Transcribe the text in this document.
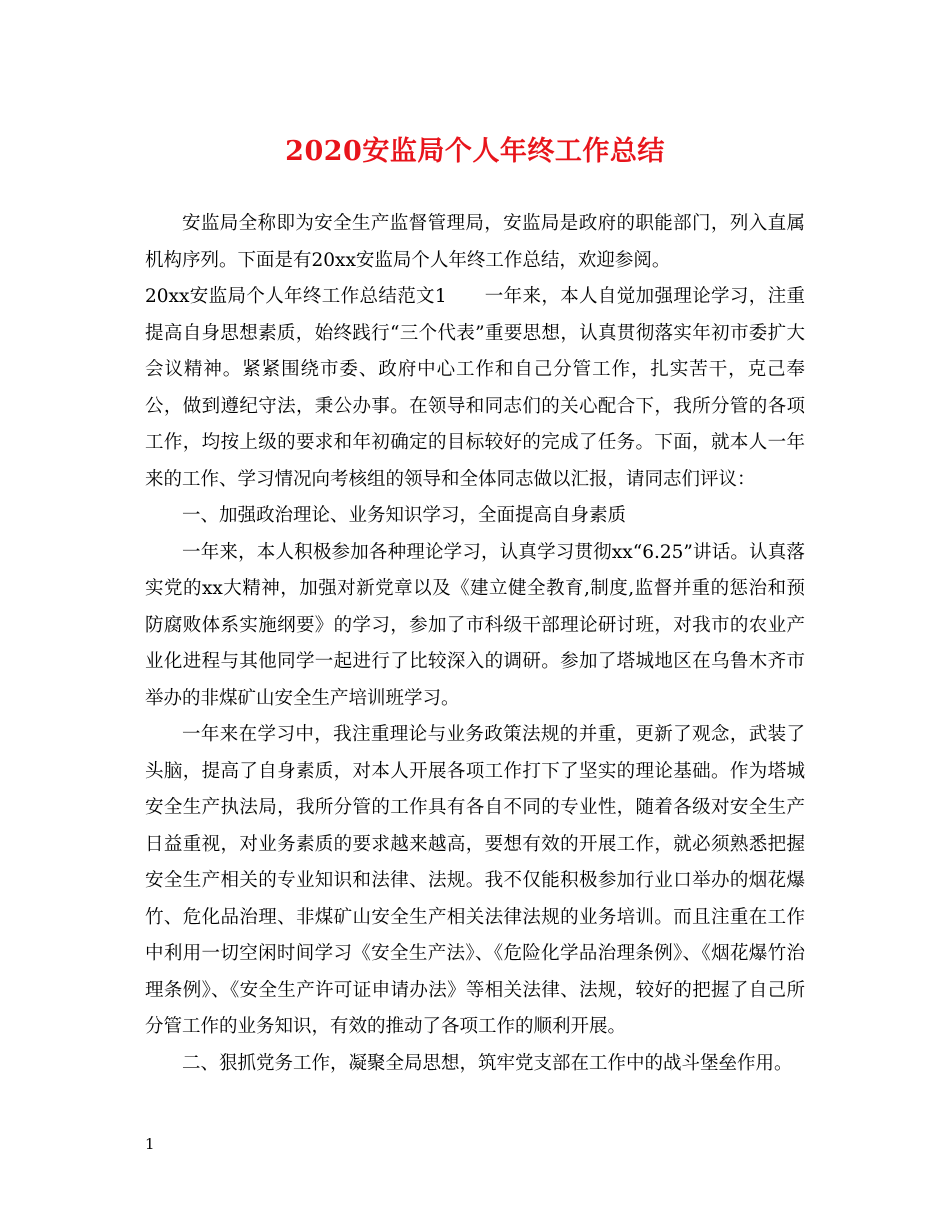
2020安监局个人年终工作总结

安监局全称即为安全生产监督管理局，安监局是政府的职能部门，列入直属机构序列。下面是有20xx安监局个人年终工作总结，欢迎参阅。

20xx安监局个人年终工作总结范文1　　一年来，本人自觉加强理论学习，注重提高自身思想素质，始终践行“三个代表”重要思想，认真贯彻落实年初市委扩大会议精神。紧紧围绕市委、政府中心工作和自己分管工作，扎实苦干，克己奉公，做到遵纪守法，秉公办事。在领导和同志们的关心配合下，我所分管的各项工作，均按上级的要求和年初确定的目标较好的完成了任务。下面，就本人一年来的工作、学习情况向考核组的领导和全体同志做以汇报，请同志们评议：

一、加强政治理论、业务知识学习，全面提高自身素质

一年来，本人积极参加各种理论学习，认真学习贯彻xx“6.25”讲话。认真落实党的xx大精神，加强对新党章以及《建立健全教育,制度,监督并重的惩治和预防腐败体系实施纲要》的学习，参加了市科级干部理论研讨班，对我市的农业产业化进程与其他同学一起进行了比较深入的调研。参加了塔城地区在乌鲁木齐市举办的非煤矿山安全生产培训班学习。

一年来在学习中，我注重理论与业务政策法规的并重，更新了观念，武装了头脑，提高了自身素质，对本人开展各项工作打下了坚实的理论基础。作为塔城安全生产执法局，我所分管的工作具有各自不同的专业性，随着各级对安全生产日益重视，对业务素质的要求越来越高，要想有效的开展工作，就必须熟悉把握安全生产相关的专业知识和法律、法规。我不仅能积极参加行业口举办的烟花爆竹、危化品治理、非煤矿山安全生产相关法律法规的业务培训。而且注重在工作中利用一切空闲时间学习《安全生产法》、《危险化学品治理条例》、《烟花爆竹治理条例》、《安全生产许可证申请办法》等相关法律、法规，较好的把握了自己所分管工作的业务知识，有效的推动了各项工作的顺利开展。

二、狠抓党务工作，凝聚全局思想，筑牢党支部在工作中的战斗堡垒作用。

1
